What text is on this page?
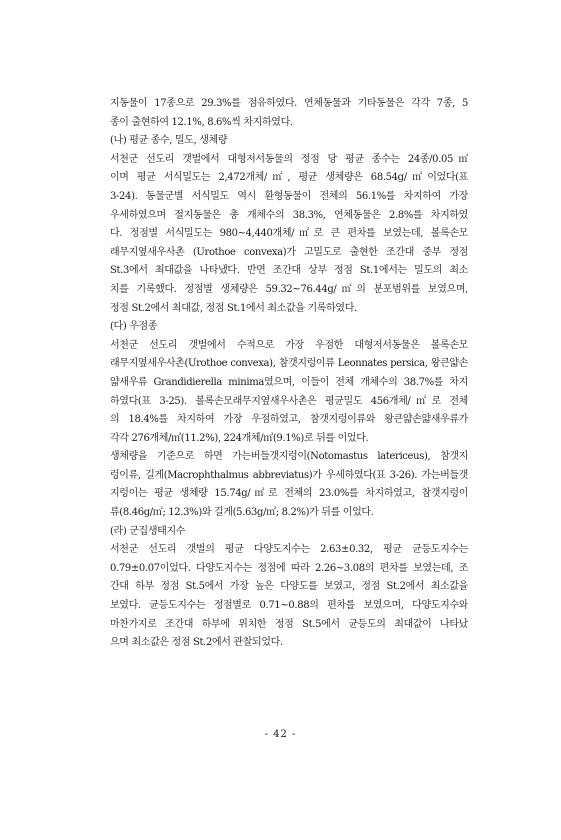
지동물이 17종으로 29.3%를 점유하였다. 연체동물과 기타동물은 각각 7종, 5
종이 출현하여 12.1%, 8.6%씩 차지하였다.
(나) 평균 종수, 밀도, 생체량
서천군 선도리 갯벌에서 대형저서동물의 정점 당 평균 종수는 24종/0.05㎡
이며 평균 서식밀도는 2,472개체/㎡, 평균 생체량은 68.54g/㎡이었다(표
3-24). 동물군별 서식밀도 역시 환형동물이 전체의 56.1%를 차지하여 가장
우세하였으며 절지동물은 총 개체수의 38.3%, 연체동물은 2.8%를 차지하였
다. 정점별 서식밀도는 980~4,440개체/㎡로 큰 편차를 보였는데, 볼록손모
래무지옆새우사촌 (Urothoe convexa)가 고밀도로 출현한 조간대 중부 정점
St.3에서 최대값을 나타냈다. 반면 조간대 상부 정점 St.1에서는 밀도의 최소
치를 기록했다. 정점별 생체량은 59.32~76.44g/㎡의 분포범위를 보였으며,
정점 St.2에서 최대값, 정점 St.1에서 최소값을 기록하였다.
(다) 우점종
서천군 선도리 갯벌에서 수적으로 가장 우점한 대형저서동물은 볼록손모
래무지옆새우사촌(Urothoe convexa), 참갯지렁이류 Leonnates persica, 왕큰얇손
얇새우류 Grandidierella minima였으며, 이들이 전체 개체수의 38.7%를 차지
하였다(표 3-25). 볼록손모래무지옆새우사촌은 평균밀도 456개체/㎡로 전체
의 18.4%를 차지하여 가장 우점하였고, 참갯지렁이류와 왕큰얇손얇새우류가
각각 276개체/㎡(11.2%), 224개체/㎡(9.1%)로 뒤를 이었다.
생체량을 기준으로 하면 가는버들갯지렁이(Notomastus latericeus), 참갯지
렁이류, 길게(Macrophthalmus abbreviatus)가 우세하였다(표 3-26). 가는버들갯
지렁이는 평균 생체량 15.74g/㎡로 전체의 23.0%를 차지하였고, 참갯지렁이
류(8.46g/㎡; 12.3%)와 길게(5.63g/㎡; 8.2%)가 뒤를 이었다.
(라) 군집생태지수
서천군 선도리 갯벌의 평균 다양도지수는 2.63±0.32, 평균 균등도지수는
0.79±0.07이었다. 다양도지수는 정점에 따라 2.26~3.08의 편차를 보였는데, 조
간대 하부 정점 St.5에서 가장 높은 다양도를 보였고, 정점 St.2에서 최소값을
보였다. 균등도지수는 정점별로 0.71~0.88의 편차를 보였으며, 다양도지수와
마찬가지로 조간대 하부에 위치한 정점 St.5에서 균등도의 최대값이 나타났
으며 최소값은 정점 St.2에서 관찰되었다.
- 42 -
